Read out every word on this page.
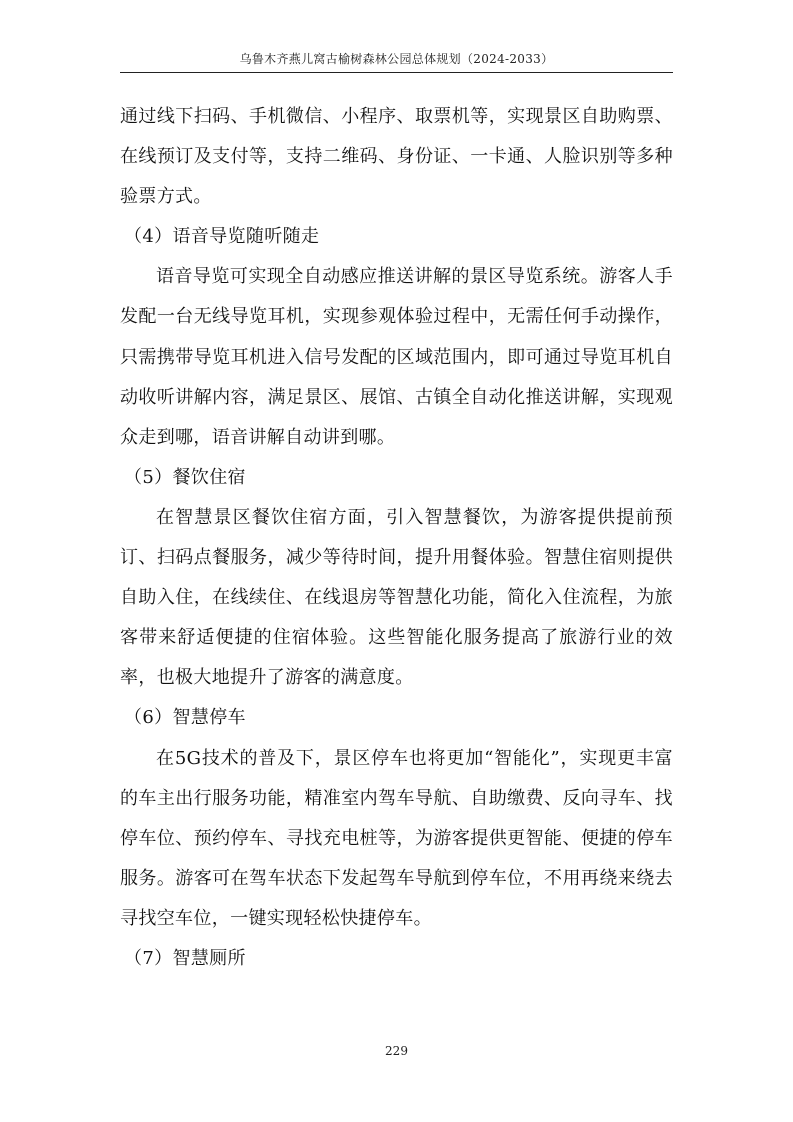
乌鲁木齐燕儿窝古榆树森林公园总体规划（2024-2033）

通过线下扫码、手机微信、小程序、取票机等，实现景区自助购票、在线预订及支付等，支持二维码、身份证、一卡通、人脸识别等多种验票方式。

（4）语音导览随听随走

语音导览可实现全自动感应推送讲解的景区导览系统。游客人手发配一台无线导览耳机，实现参观体验过程中，无需任何手动操作，只需携带导览耳机进入信号发配的区域范围内，即可通过导览耳机自动收听讲解内容，满足景区、展馆、古镇全自动化推送讲解，实现观众走到哪，语音讲解自动讲到哪。

（5）餐饮住宿

在智慧景区餐饮住宿方面，引入智慧餐饮，为游客提供提前预订、扫码点餐服务，减少等待时间，提升用餐体验。智慧住宿则提供自助入住，在线续住、在线退房等智慧化功能，简化入住流程，为旅客带来舒适便捷的住宿体验。这些智能化服务提高了旅游行业的效率，也极大地提升了游客的满意度。

（6）智慧停车

在5G技术的普及下，景区停车也将更加“智能化”，实现更丰富的车主出行服务功能，精准室内驾车导航、自助缴费、反向寻车、找停车位、预约停车、寻找充电桩等，为游客提供更智能、便捷的停车服务。游客可在驾车状态下发起驾车导航到停车位，不用再绕来绕去寻找空车位，一键实现轻松快捷停车。

（7）智慧厕所

229
